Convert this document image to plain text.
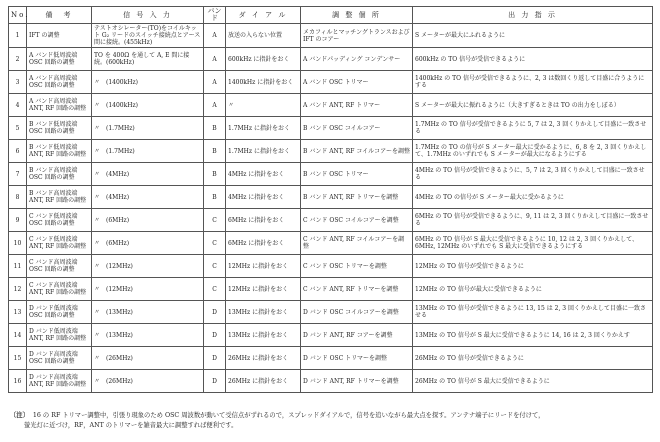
No.	備　考	信 号 入 力	バンド	ダ イ ア ル	調 整 個 所	出 力 指 示
1	IFT の調整	テストオシレーター(TO)をコイルキット G₂ リードのスイッチ接続点とアース間に接続。(455kHz)	A	放送の入らない位置	メカフィルとマッチングトランスおよび IFT のコアー	S メーターが最大にふれるように
2	A バンド低周波端 OSC 回路の調整	TO を 400Ω を通して A, E 間に接続。(600kHz)	A	600kHz に指針をおく	A バンドパッディング コンデンサー	600kHz の TO 信号が受信できるように
3	A バンド高周波端 OSC 回路の調整	〃　(1400kHz)	A	1400kHz に指針をおく	A バンド OSC トリマー	1400kHz の TO 信号が受信できるように、2, 3 は数回くり返して目盛に合うようにする
4	A バンド高周波端 ANT, RF 回路の調整	〃　(1400kHz)	A	〃	A バンド ANT, RF トリマー	S メーターが最大に振れるように（大きすぎるときは TO の出力をしぼる）
5	B バンド低周波端 OSC 回路の調整	〃　(1.7MHz)	B	1.7MHz に指針をおく	B バンド OSC コイルコアー	1.7MHz の TO 信号が受信できるように 5, 7 は 2, 3 回くりかえして目盛に一致させる
6	B バンド低周波端 ANT, RF 回路の調整	〃　(1.7MHz)	B	1.7MHz に指針をおく	B バンド ANT, RF コイルコアーを調整	1.7MHz の TO の信号が S メーター最大に受かるように、6, 8 を 2, 3 回くりかえして、1.7MHz のいずれでも S メーターが最大になるようにする
7	B バンド高周波端 OSC 回路の調整	〃　(4MHz)	B	4MHz に指針をおく	B バンド OSC トリマー	4MHz の TO 信号が受信できるように、5, 7 は 2, 3 回くりかえして目盛に一致させる
8	B バンド高周波端 ANT, RF 回路の調整	〃　(4MHz)	B	4MHz に指針をおく	B バンド ANT, RF トリマーを調整	4MHz の TO の信号が S メーター最大に受かるように
9	C バンド低周波端 OSC 回路の調整	〃　(6MHz)	C	6MHz に指針をおく	C バンド OSC コイルコアーを調整	6MHz の TO 信号が受信できるように、9, 11 は 2, 3 回くりかえして目盛に一致させる
10	C バンド低周波端 ANT, RF 回路の調整	〃　(6MHz)	C	6MHz に指針をおく	C バンド ANT, RF コイルコアーを調整	6MHz の TO 信号が S 最大に受信できるように 10, 12 は 2, 3 回くりかえして、6MHz, 12MHz のいずれでも S 最大に受信できるようにする
11	C バンド高周波端 OSC 回路の調整	〃　(12MHz)	C	12MHz に指針をおく	C バンド OSC トリマーを調整	12MHz の TO 信号が受信できるように
12	C バンド高周波端 ANT, RF 回路の調整	〃　(12MHz)	C	12MHz に指針をおく	C バンド ANT, RF トリマーを調整	12MHz の TO 信号が最大に受信できるように
13	D バンド低周波端 OSC 回路の調整	〃　(13MHz)	D	13MHz に指針をおく	D バンド OSC コイルコアーを調整	13MHz の TO 信号が受信できるように 13, 15 は 2, 3 回くりかえして目盛に一致させる
14	D バンド低周波端 ANT, RF 回路の調整	〃　(13MHz)	D	13MHz に指針をおく	D バンド ANT, RF コアーを調整	13MHz の TO 信号が S 最大に受信できるように 14, 16 は 2, 3 回くりかえす
15	D バンド高周波端 OSC 回路の調整	〃　(26MHz)	D	26MHz に指針をおく	D バンド OSC トリマーを調整	26MHz の TO 信号が受信できるように
16	D バンド高周波端 ANT, RF 回路の調整	〃　(26MHz)	D	26MHz に指針をおく	D バンド ANT, RF トリマーを調整	26MHz の TO 信号が S 最大に受信できるように
〔注〕 16 の RF トリマー調整中，引張り現象のため OSC 周波数が動いて受信点がずれるので，スプレッドダイアルで，信号を追いながら最大点を探す。アンテナ端子にリードを付けて，
螢光灯に近づけ，RF，ANT のトリマーを雑音最大に調整すれば便利です。
